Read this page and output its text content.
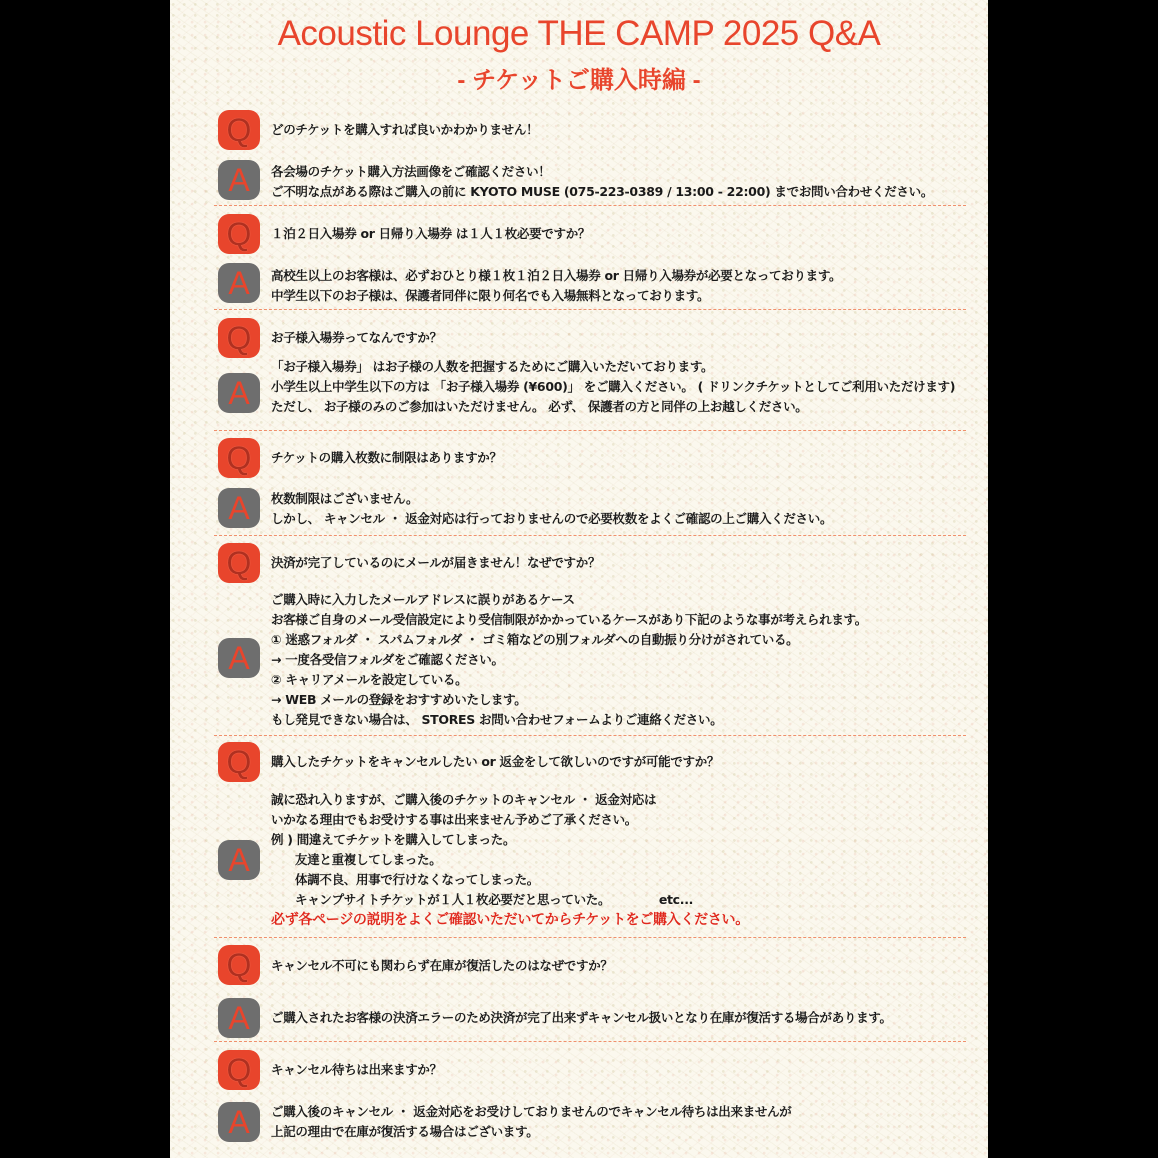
Acoustic Lounge THE CAMP 2025 Q&A
- チケットご購入時編 -
Q	どのチケットを購入すれば良いかわかりません！
A	各会場のチケット購入方法画像をご確認ください！
ご不明な点がある際はご購入の前に KYOTO MUSE (075-223-0389 / 13:00 - 22:00) までお問い合わせください。
Q	１泊２日入場券 or 日帰り入場券 は１人１枚必要ですか？
A	高校生以上のお客様は、必ずおひとり様１枚１泊２日入場券 or 日帰り入場券が必要となっております。
中学生以下のお子様は、保護者同伴に限り何名でも入場無料となっております。
Q	お子様入場券ってなんですか？
A
「お子様入場券」 はお子様の人数を把握するためにご購入いただいております。
小学生以上中学生以下の方は 「お子様入場券 (¥600)」 をご購入ください。 ( ドリンクチケットとしてご利用いただけます)
ただし、 お子様のみのご参加はいただけません。 必ず、 保護者の方と同伴の上お越しください。
Q	チケットの購入枚数に制限はありますか？
A	枚数制限はございません。
しかし、 キャンセル ・ 返金対応は行っておりませんので必要枚数をよくご確認の上ご購入ください。
Q	決済が完了しているのにメールが届きません！なぜですか？
A
ご購入時に入力したメールアドレスに誤りがあるケース
お客様ご自身のメール受信設定により受信制限がかかっているケースがあり下記のような事が考えられます。
① 迷惑フォルダ ・ スパムフォルダ ・ ゴミ箱などの別フォルダへの自動振り分けがされている。
→ 一度各受信フォルダをご確認ください。
② キャリアメールを設定している。
→ WEB メールの登録をおすすめいたします。
もし発見できない場合は、 STORES お問い合わせフォームよりご連絡ください。
Q	購入したチケットをキャンセルしたい or 返金をして欲しいのですが可能ですか？
A
誠に恐れ入りますが、ご購入後のチケットのキャンセル ・ 返金対応は
いかなる理由でもお受けする事は出来ません予めご了承ください。
例 ) 間違えてチケットを購入してしまった。
友達と重複してしまった。
体調不良、用事で行けなくなってしまった。
キャンプサイトチケットが１人１枚必要だと思っていた。            etc...
必ず各ページの説明をよくご確認いただいてからチケットをご購入ください。
Q	キャンセル不可にも関わらず在庫が復活したのはなぜですか？
A	ご購入されたお客様の決済エラーのため決済が完了出来ずキャンセル扱いとなり在庫が復活する場合があります。
Q	キャンセル待ちは出来ますか？
A	ご購入後のキャンセル ・ 返金対応をお受けしておりませんのでキャンセル待ちは出来ませんが
上記の理由で在庫が復活する場合はございます。
